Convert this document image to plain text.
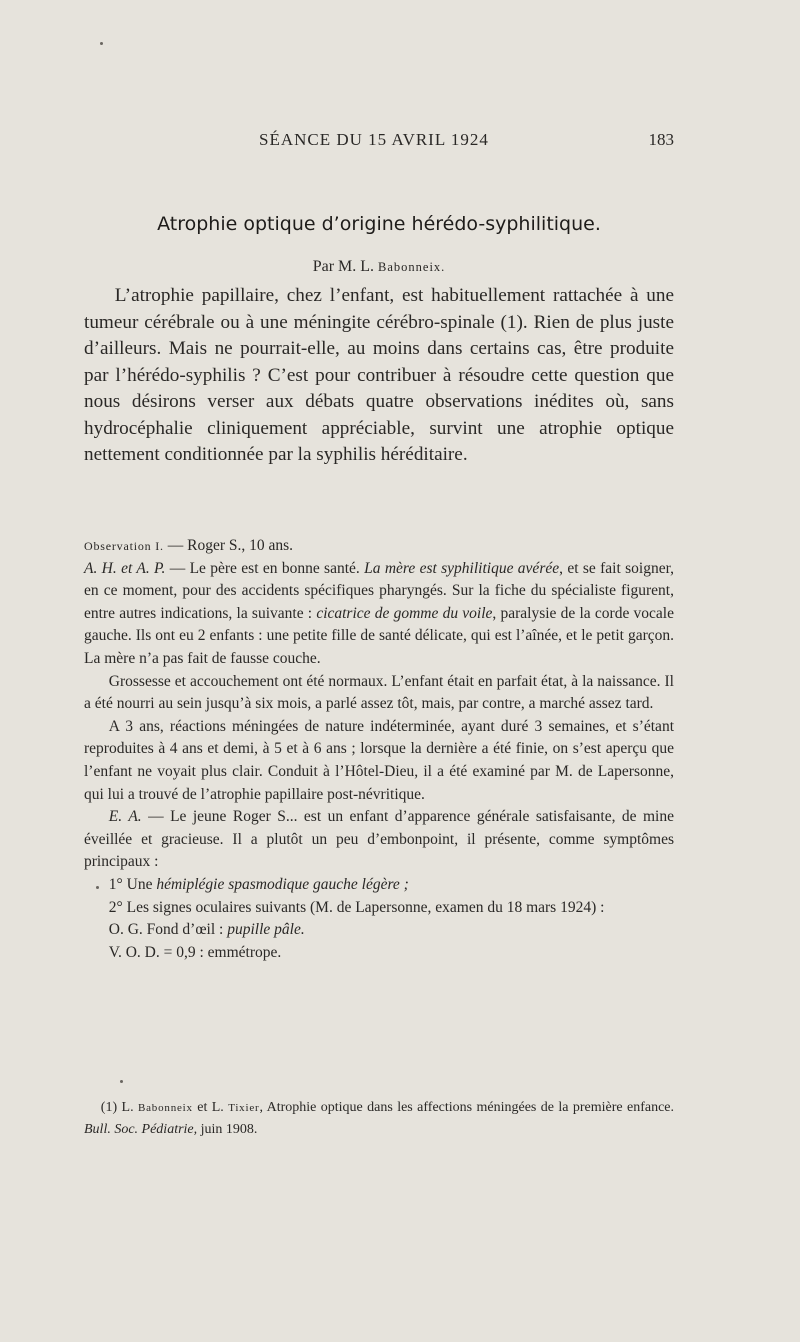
SÉANCE DU 15 AVRIL 1924	183
Atrophie optique d’origine hérédo-syphilitique.
Par M. L. Babonneix.

L’atrophie papillaire, chez l’enfant, est habituellement rattachée à une tumeur cérébrale ou à une méningite cérébro-spinale (1). Rien de plus juste d’ailleurs. Mais ne pourrait-elle, au moins dans certains cas, être produite par l’hérédo-syphilis ? C’est pour contribuer à résoudre cette question que nous désirons verser aux débats quatre observations inédites où, sans hydrocéphalie cliniquement appréciable, survint une atrophie optique nettement conditionnée par la syphilis héréditaire.

Observation I. — Roger S., 10 ans.

A. H. et A. P. — Le père est en bonne santé. La mère est syphilitique avérée, et se fait soigner, en ce moment, pour des accidents spécifiques pharyngés. Sur la fiche du spécialiste figurent, entre autres indications, la suivante : cicatrice de gomme du voile, paralysie de la corde vocale gauche. Ils ont eu 2 enfants : une petite fille de santé délicate, qui est l’aînée, et le petit garçon. La mère n’a pas fait de fausse couche.

Grossesse et accouchement ont été normaux. L’enfant était en parfait état, à la naissance. Il a été nourri au sein jusqu’à six mois, a parlé assez tôt, mais, par contre, a marché assez tard.

A 3 ans, réactions méningées de nature indéterminée, ayant duré 3 semaines, et s’étant reproduites à 4 ans et demi, à 5 et à 6 ans ; lorsque la dernière a été finie, on s’est aperçu que l’enfant ne voyait plus clair. Conduit à l’Hôtel-Dieu, il a été examiné par M. de Lapersonne, qui lui a trouvé de l’atrophie papillaire post-névritique.

E. A. — Le jeune Roger S... est un enfant d’apparence générale satisfaisante, de mine éveillée et gracieuse. Il a plutôt un peu d’embonpoint, il présente, comme symptômes principaux :

1° Une hémiplégie spasmodique gauche légère ;

2° Les signes oculaires suivants (M. de Lapersonne, examen du 18 mars 1924) :

O. G. Fond d’œil : pupille pâle.

V. O. D. = 0,9 : emmétrope.

(1) L. Babonneix et L. Tixier, Atrophie optique dans les affections méningées de la première enfance. Bull. Soc. Pédiatrie, juin 1908.
